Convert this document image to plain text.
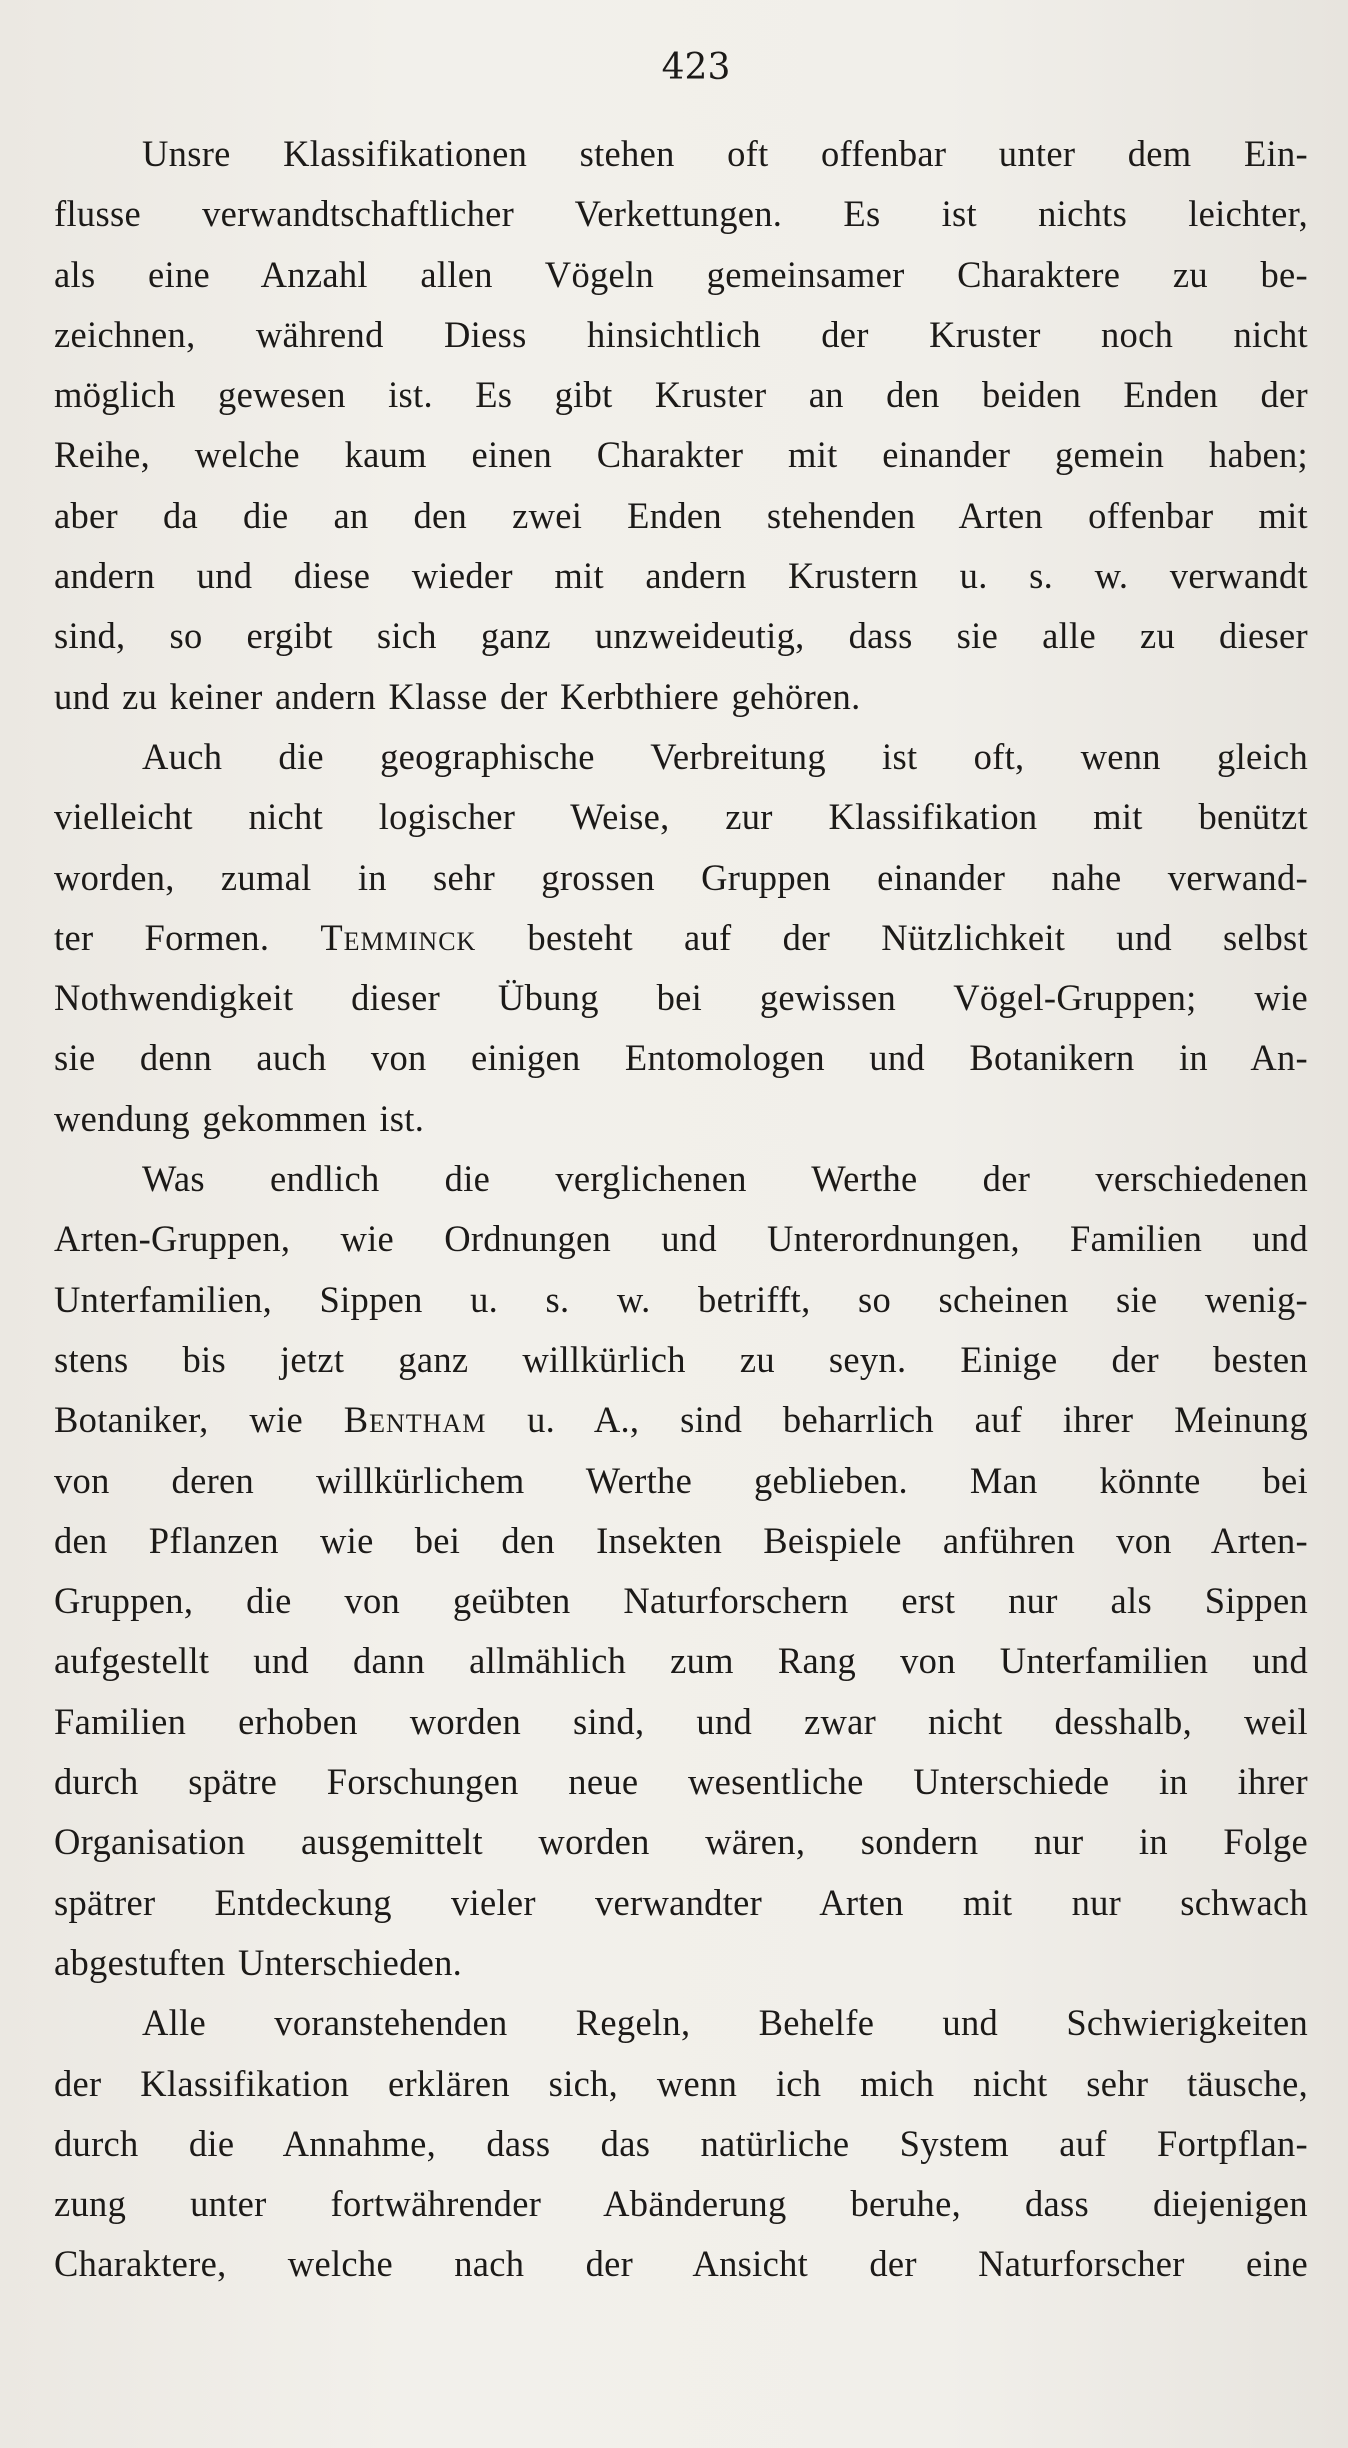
423
Unsre Klassifikationen stehen oft offenbar unter dem Ein-
flusse verwandtschaftlicher Verkettungen. Es ist nichts leichter,
als eine Anzahl allen Vögeln gemeinsamer Charaktere zu be-
zeichnen, während Diess hinsichtlich der Kruster noch nicht
möglich gewesen ist. Es gibt Kruster an den beiden Enden der
Reihe, welche kaum einen Charakter mit einander gemein haben;
aber da die an den zwei Enden stehenden Arten offenbar mit
andern und diese wieder mit andern Krustern u. s. w. verwandt
sind, so ergibt sich ganz unzweideutig, dass sie alle zu dieser
und zu keiner andern Klasse der Kerbthiere gehören.
Auch die geographische Verbreitung ist oft, wenn gleich
vielleicht nicht logischer Weise, zur Klassifikation mit benützt
worden, zumal in sehr grossen Gruppen einander nahe verwand-
ter Formen. Temminck besteht auf der Nützlichkeit und selbst
Nothwendigkeit dieser Übung bei gewissen Vögel-Gruppen; wie
sie denn auch von einigen Entomologen und Botanikern in An-
wendung gekommen ist.
Was endlich die verglichenen Werthe der verschiedenen
Arten-Gruppen, wie Ordnungen und Unterordnungen, Familien und
Unterfamilien, Sippen u. s. w. betrifft, so scheinen sie wenig-
stens bis jetzt ganz willkürlich zu seyn. Einige der besten
Botaniker, wie Bentham u. A., sind beharrlich auf ihrer Meinung
von deren willkürlichem Werthe geblieben. Man könnte bei
den Pflanzen wie bei den Insekten Beispiele anführen von Arten-
Gruppen, die von geübten Naturforschern erst nur als Sippen
aufgestellt und dann allmählich zum Rang von Unterfamilien und
Familien erhoben worden sind, und zwar nicht desshalb, weil
durch spätre Forschungen neue wesentliche Unterschiede in ihrer
Organisation ausgemittelt worden wären, sondern nur in Folge
spätrer Entdeckung vieler verwandter Arten mit nur schwach
abgestuften Unterschieden.
Alle voranstehenden Regeln, Behelfe und Schwierigkeiten
der Klassifikation erklären sich, wenn ich mich nicht sehr täusche,
durch die Annahme, dass das natürliche System auf Fortpflan-
zung unter fortwährender Abänderung beruhe, dass diejenigen
Charaktere, welche nach der Ansicht der Naturforscher eine
